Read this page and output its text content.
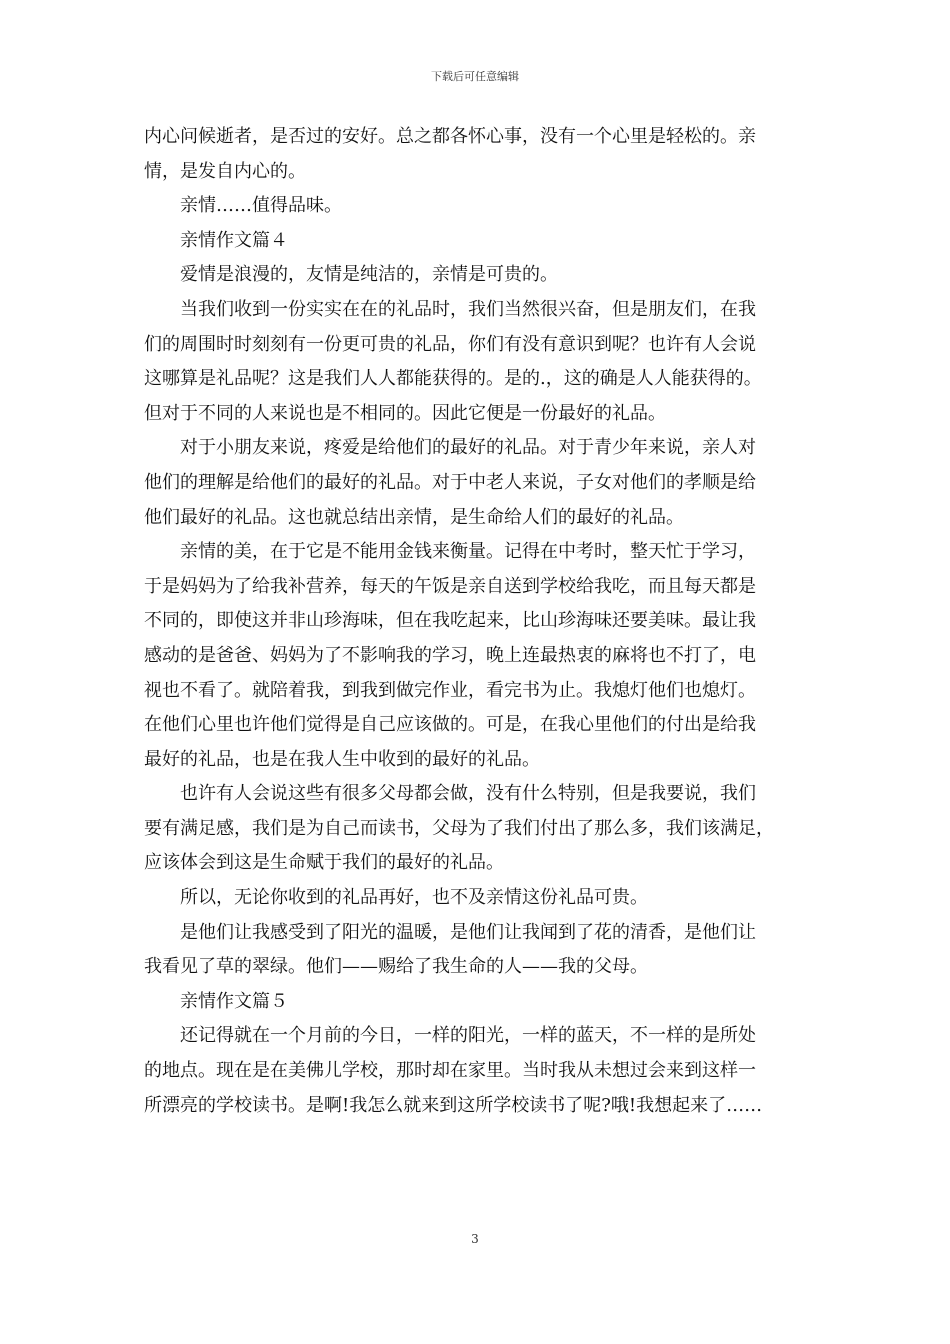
下载后可任意编辑

内心问候逝者，是否过的安好。总之都各怀心事，没有一个心里是轻松的。亲

情，是发自内心的。

　　亲情……值得品味。

　　亲情作文篇４

　　爱情是浪漫的，友情是纯洁的，亲情是可贵的。

　　当我们收到一份实实在在的礼品时，我们当然很兴奋，但是朋友们，在我

们的周围时时刻刻有一份更可贵的礼品，你们有没有意识到呢？也许有人会说

这哪算是礼品呢？这是我们人人都能获得的。是的.，这的确是人人能获得的。

但对于不同的人来说也是不相同的。因此它便是一份最好的礼品。

　　对于小朋友来说，疼爱是给他们的最好的礼品。对于青少年来说，亲人对

他们的理解是给他们的最好的礼品。对于中老人来说，子女对他们的孝顺是给

他们最好的礼品。这也就总结出亲情，是生命给人们的最好的礼品。

　　亲情的美，在于它是不能用金钱来衡量。记得在中考时，整天忙于学习，

于是妈妈为了给我补营养，每天的午饭是亲自送到学校给我吃，而且每天都是

不同的，即使这并非山珍海味，但在我吃起来，比山珍海味还要美味。最让我

感动的是爸爸、妈妈为了不影响我的学习，晚上连最热衷的麻将也不打了，电

视也不看了。就陪着我，到我到做完作业，看完书为止。我熄灯他们也熄灯。

在他们心里也许他们觉得是自己应该做的。可是，在我心里他们的付出是给我

最好的礼品，也是在我人生中收到的最好的礼品。

　　也许有人会说这些有很多父母都会做，没有什么特别，但是我要说，我们

要有满足感，我们是为自己而读书，父母为了我们付出了那么多，我们该满足，

应该体会到这是生命赋于我们的最好的礼品。

　　所以，无论你收到的礼品再好，也不及亲情这份礼品可贵。

　　是他们让我感受到了阳光的温暖，是他们让我闻到了花的清香，是他们让

我看见了草的翠绿。他们——赐给了我生命的人——我的父母。

　　亲情作文篇５

　　还记得就在一个月前的今日，一样的阳光，一样的蓝天，不一样的是所处

的地点。现在是在美佛儿学校，那时却在家里。当时我从未想过会来到这样一

所漂亮的学校读书。是啊!我怎么就来到这所学校读书了呢?哦!我想起来了……

3
